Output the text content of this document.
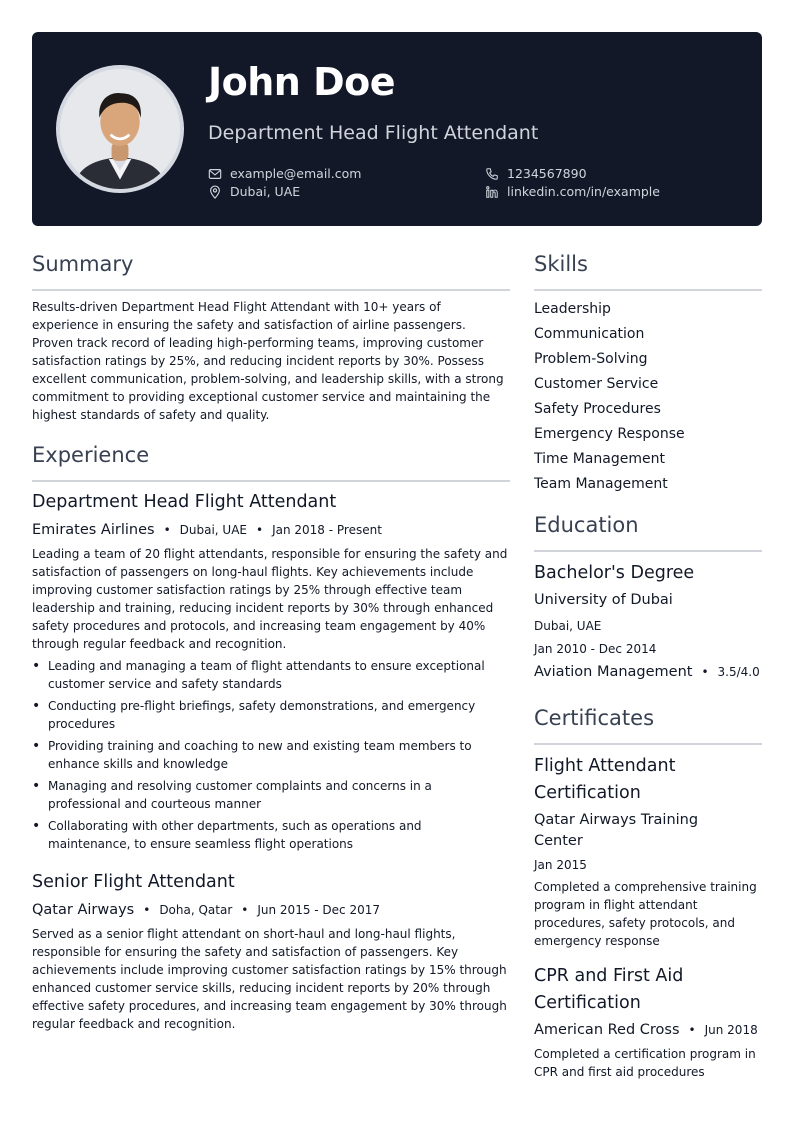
John Doe
Department Head Flight Attendant
example@email.com
Dubai, UAE
1234567890
linkedin.com/in/example
Summary
Results-driven Department Head Flight Attendant with 10+ years of experience in ensuring the safety and satisfaction of airline passengers. Proven track record of leading high-performing teams, improving customer satisfaction ratings by 25%, and reducing incident reports by 30%. Possess excellent communication, problem-solving, and leadership skills, with a strong commitment to providing exceptional customer service and maintaining the highest standards of safety and quality.
Experience
Department Head Flight Attendant
Emirates Airlines • Dubai, UAE • Jan 2018 - Present
Leading a team of 20 flight attendants, responsible for ensuring the safety and satisfaction of passengers on long-haul flights. Key achievements include improving customer satisfaction ratings by 25% through effective team leadership and training, reducing incident reports by 30% through enhanced safety procedures and protocols, and increasing team engagement by 40% through regular feedback and recognition.
• Leading and managing a team of flight attendants to ensure exceptional customer service and safety standards
• Conducting pre-flight briefings, safety demonstrations, and emergency procedures
• Providing training and coaching to new and existing team members to enhance skills and knowledge
• Managing and resolving customer complaints and concerns in a professional and courteous manner
• Collaborating with other departments, such as operations and maintenance, to ensure seamless flight operations
Senior Flight Attendant
Qatar Airways • Doha, Qatar • Jun 2015 - Dec 2017
Served as a senior flight attendant on short-haul and long-haul flights, responsible for ensuring the safety and satisfaction of passengers. Key achievements include improving customer satisfaction ratings by 15% through enhanced customer service skills, reducing incident reports by 20% through effective safety procedures, and increasing team engagement by 30% through regular feedback and recognition.
Skills
Leadership
Communication
Problem-Solving
Customer Service
Safety Procedures
Emergency Response
Time Management
Team Management
Education
Bachelor's Degree
University of Dubai
Dubai, UAE
Jan 2010 - Dec 2014
Aviation Management • 3.5/4.0
Certificates
Flight Attendant Certification
Qatar Airways Training Center
Jan 2015
Completed a comprehensive training program in flight attendant procedures, safety protocols, and emergency response
CPR and First Aid Certification
American Red Cross • Jun 2018
Completed a certification program in CPR and first aid procedures
